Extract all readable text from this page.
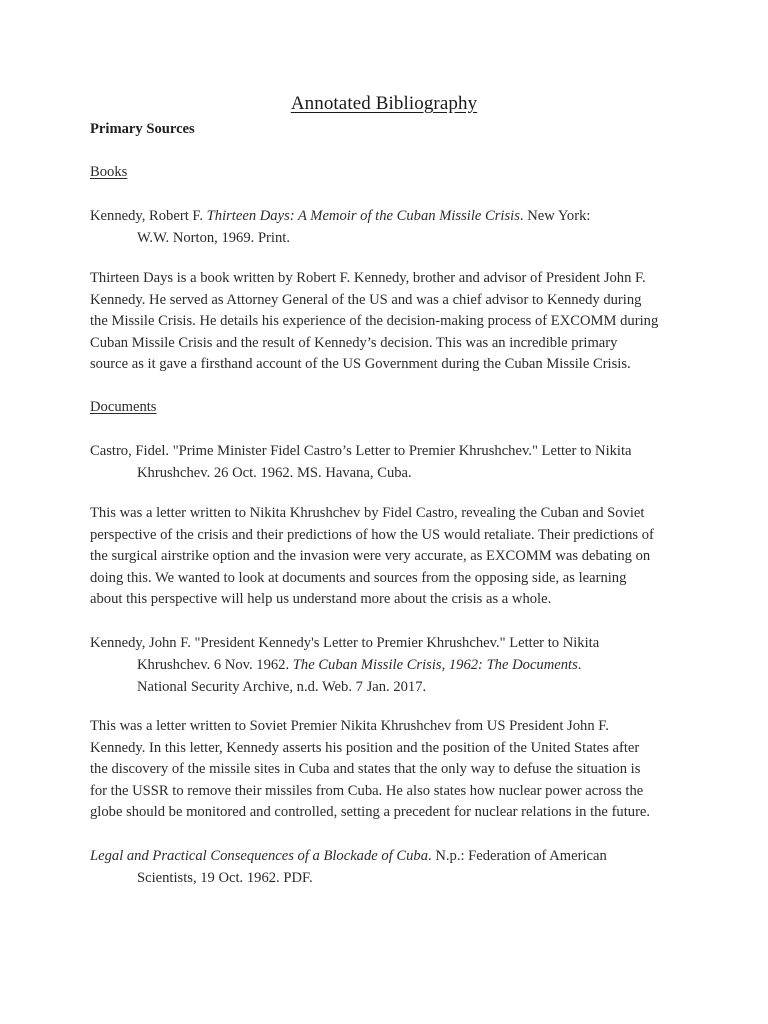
Annotated Bibliography
Primary Sources
Books
Kennedy, Robert F. Thirteen Days: A Memoir of the Cuban Missile Crisis. New York:
W.W. Norton, 1969. Print.
Thirteen Days is a book written by Robert F. Kennedy, brother and advisor of President John F.
Kennedy. He served as Attorney General of the US and was a chief advisor to Kennedy during
the Missile Crisis. He details his experience of the decision-making process of EXCOMM during
Cuban Missile Crisis and the result of Kennedy’s decision. This was an incredible primary
source as it gave a firsthand account of the US Government during the Cuban Missile Crisis.
Documents
Castro, Fidel. "Prime Minister Fidel Castro’s Letter to Premier Khrushchev." Letter to Nikita
Khrushchev. 26 Oct. 1962. MS. Havana, Cuba.
This was a letter written to Nikita Khrushchev by Fidel Castro, revealing the Cuban and Soviet
perspective of the crisis and their predictions of how the US would retaliate. Their predictions of
the surgical airstrike option and the invasion were very accurate, as EXCOMM was debating on
doing this. We wanted to look at documents and sources from the opposing side, as learning
about this perspective will help us understand more about the crisis as a whole.
Kennedy, John F. "President Kennedy's Letter to Premier Khrushchev." Letter to Nikita
Khrushchev. 6 Nov. 1962. The Cuban Missile Crisis, 1962: The Documents.
National Security Archive, n.d. Web. 7 Jan. 2017.
This was a letter written to Soviet Premier Nikita Khrushchev from US President John F.
Kennedy. In this letter, Kennedy asserts his position and the position of the United States after
the discovery of the missile sites in Cuba and states that the only way to defuse the situation is
for the USSR to remove their missiles from Cuba. He also states how nuclear power across the
globe should be monitored and controlled, setting a precedent for nuclear relations in the future.
Legal and Practical Consequences of a Blockade of Cuba. N.p.: Federation of American
Scientists, 19 Oct. 1962. PDF.
